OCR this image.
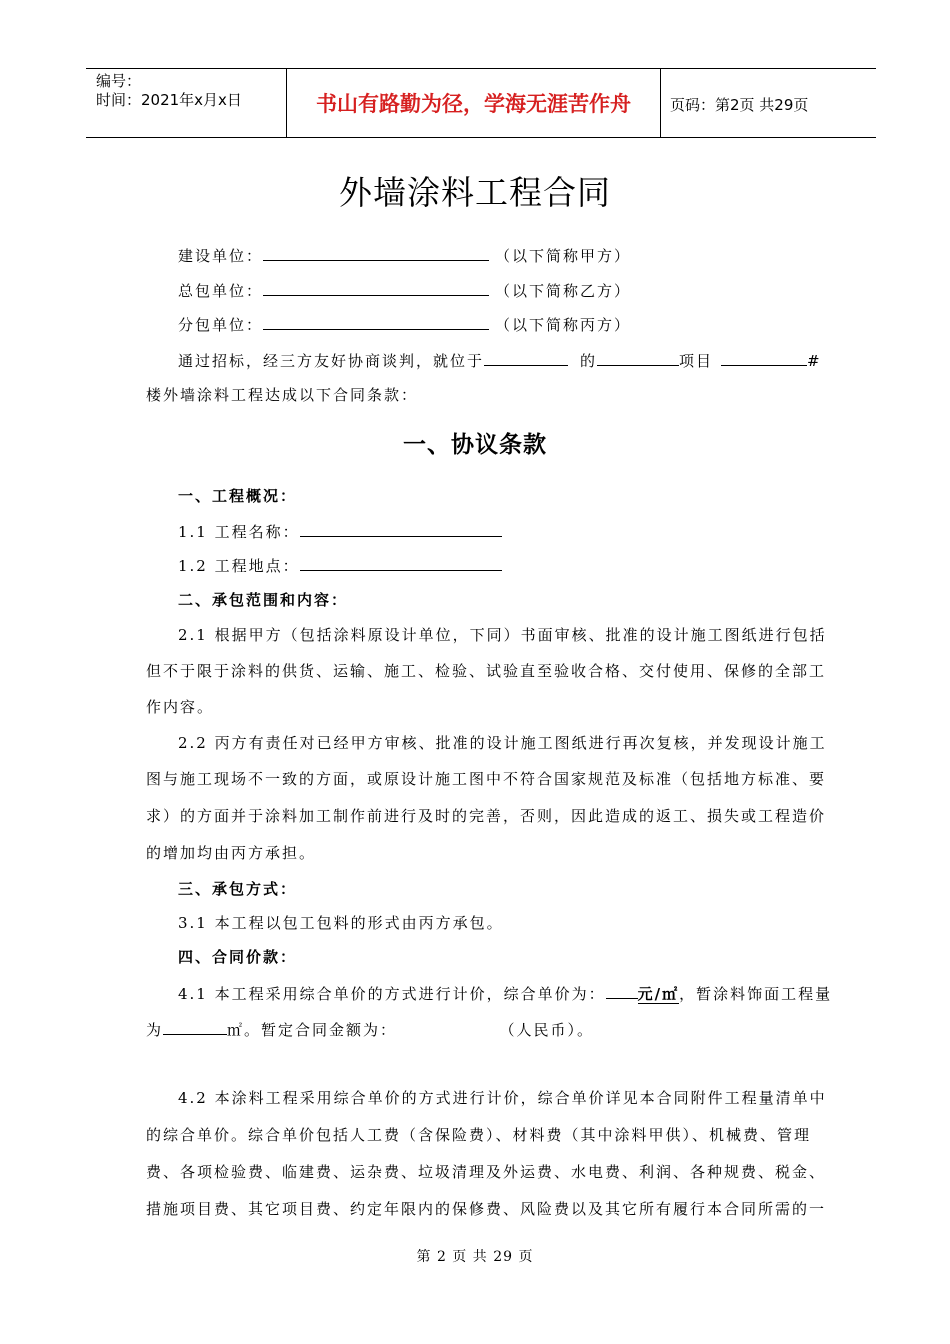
编号：
时间：2021年x月x日	书山有路勤为径，学海无涯苦作舟	页码：第2页 共29页
外墙涂料工程合同
建设单位：	（以下简称甲方）
总包单位：	（以下简称乙方）
分包单位：	（以下简称丙方）
通过招标，经三方友好协商谈判，就位于	的	项目	#
楼外墙涂料工程达成以下合同条款：
一、协议条款
一、工程概况：
1.1 工程名称：
1.2 工程地点：
二、承包范围和内容：
2.1 根据甲方（包括涂料原设计单位，下同）书面审核、批准的设计施工图纸进行包括
但不于限于涂料的供货、运输、施工、检验、试验直至验收合格、交付使用、保修的全部工
作内容。
2.2 丙方有责任对已经甲方审核、批准的设计施工图纸进行再次复核，并发现设计施工
图与施工现场不一致的方面，或原设计施工图中不符合国家规范及标准（包括地方标准、要
求）的方面并于涂料加工制作前进行及时的完善，否则，因此造成的返工、损失或工程造价
的增加均由丙方承担。
三、承包方式：
3.1 本工程以包工包料的形式由丙方承包。
四、合同价款：
4.1 本工程采用综合单价的方式进行计价，综合单价为： 元/㎡，暂涂料饰面工程量
为	㎡。暂定合同金额为：	（人民币）。
4.2 本涂料工程采用综合单价的方式进行计价，综合单价详见本合同附件工程量清单中
的综合单价。综合单价包括人工费（含保险费）、材料费（其中涂料甲供）、机械费、管理
费、各项检验费、临建费、运杂费、垃圾清理及外运费、水电费、利润、各种规费、税金、
措施项目费、其它项目费、约定年限内的保修费、风险费以及其它所有履行本合同所需的一
第 2 页 共 29 页
